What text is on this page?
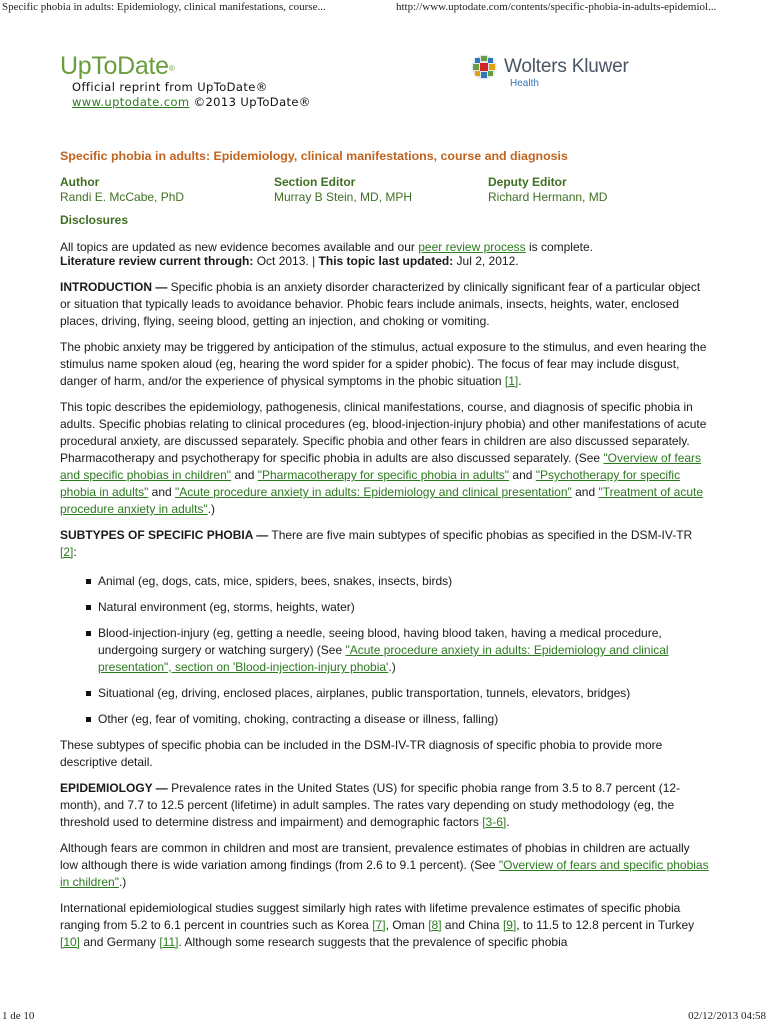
Specific phobia in adults: Epidemiology, clinical manifestations, course...	http://www.uptodate.com/contents/specific-phobia-in-adults-epidemiol...
UpToDate®
Official reprint from UpToDate®
www.uptodate.com ©2013 UpToDate®
Wolters Kluwer
Health
Specific phobia in adults: Epidemiology, clinical manifestations, course and diagnosis
Author
Randi E. McCabe, PhD
Section Editor
Murray B Stein, MD, MPH
Deputy Editor
Richard Hermann, MD
Disclosures

All topics are updated as new evidence becomes available and our peer review process is complete.

Literature review current through: Oct 2013. | This topic last updated: Jul 2, 2012.

INTRODUCTION — Specific phobia is an anxiety disorder characterized by clinically significant fear of a particular object or situation that typically leads to avoidance behavior. Phobic fears include animals, insects, heights, water, enclosed places, driving, flying, seeing blood, getting an injection, and choking or vomiting.

The phobic anxiety may be triggered by anticipation of the stimulus, actual exposure to the stimulus, and even hearing the stimulus name spoken aloud (eg, hearing the word spider for a spider phobic). The focus of fear may include disgust, danger of harm, and/or the experience of physical symptoms in the phobic situation [1].

This topic describes the epidemiology, pathogenesis, clinical manifestations, course, and diagnosis of specific phobia in adults. Specific phobias relating to clinical procedures (eg, blood-injection-injury phobia) and other manifestations of acute procedural anxiety, are discussed separately. Specific phobia and other fears in children are also discussed separately. Pharmacotherapy and psychotherapy for specific phobia in adults are also discussed separately. (See "Overview of fears and specific phobias in children" and "Pharmacotherapy for specific phobia in adults" and "Psychotherapy for specific phobia in adults" and "Acute procedure anxiety in adults: Epidemiology and clinical presentation" and "Treatment of acute procedure anxiety in adults".)

SUBTYPES OF SPECIFIC PHOBIA — There are five main subtypes of specific phobias as specified in the DSM-IV-TR [2]:

Animal (eg, dogs, cats, mice, spiders, bees, snakes, insects, birds)
Natural environment (eg, storms, heights, water)
Blood-injection-injury (eg, getting a needle, seeing blood, having blood taken, having a medical procedure, undergoing surgery or watching surgery) (See "Acute procedure anxiety in adults: Epidemiology and clinical presentation", section on 'Blood-injection-injury phobia'.)
Situational (eg, driving, enclosed places, airplanes, public transportation, tunnels, elevators, bridges)
Other (eg, fear of vomiting, choking, contracting a disease or illness, falling)

These subtypes of specific phobia can be included in the DSM-IV-TR diagnosis of specific phobia to provide more descriptive detail.

EPIDEMIOLOGY — Prevalence rates in the United States (US) for specific phobia range from 3.5 to 8.7 percent (12-month), and 7.7 to 12.5 percent (lifetime) in adult samples. The rates vary depending on study methodology (eg, the threshold used to determine distress and impairment) and demographic factors [3-6].

Although fears are common in children and most are transient, prevalence estimates of phobias in children are actually low although there is wide variation among findings (from 2.6 to 9.1 percent). (See "Overview of fears and specific phobias in children".)

International epidemiological studies suggest similarly high rates with lifetime prevalence estimates of specific phobia ranging from 5.2 to 6.1 percent in countries such as Korea [7], Oman [8] and China [9], to 11.5 to 12.8 percent in Turkey [10] and Germany [11]. Although some research suggests that the prevalence of specific phobia

1 de 10	02/12/2013 04:58
